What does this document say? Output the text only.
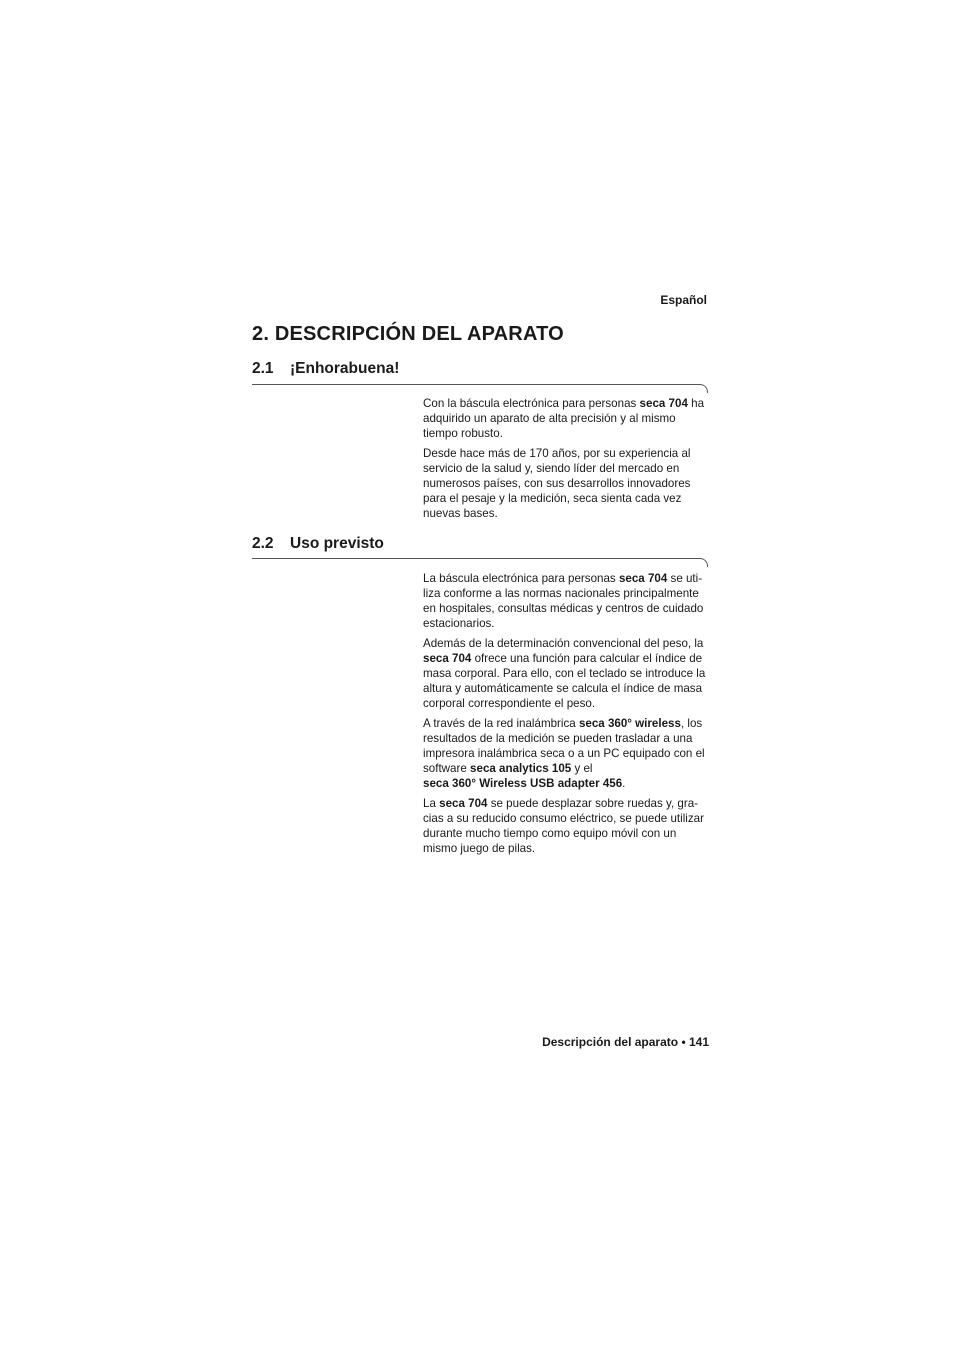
Español
2. DESCRIPCIÓN DEL APARATO
2.1 ¡Enhorabuena!

Con la báscula electrónica para personas seca 704 ha adquirido un aparato de alta precisión y al mismo tiempo robusto.

Desde hace más de 170 años, por su experiencia al servicio de la salud y, siendo líder del mercado en numerosos países, con sus desarrollos innovadores para el pesaje y la medición, seca sienta cada vez nuevas bases.

2.2 Uso previsto

La báscula electrónica para personas seca 704 se uti-liza conforme a las normas nacionales principalmente en hospitales, consultas médicas y centros de cuidado estacionarios.

Además de la determinación convencional del peso, la seca 704 ofrece una función para calcular el índice de masa corporal. Para ello, con el teclado se introduce la altura y automáticamente se calcula el índice de masa corporal correspondiente el peso.

A través de la red inalámbrica seca 360° wireless, los resultados de la medición se pueden trasladar a una impresora inalámbrica seca o a un PC equipado con el software seca analytics 105 y el
seca 360° Wireless USB adapter 456.

La seca 704 se puede desplazar sobre ruedas y, gra-cias a su reducido consumo eléctrico, se puede utilizar durante mucho tiempo como equipo móvil con un mismo juego de pilas.

Descripción del aparato • 141
